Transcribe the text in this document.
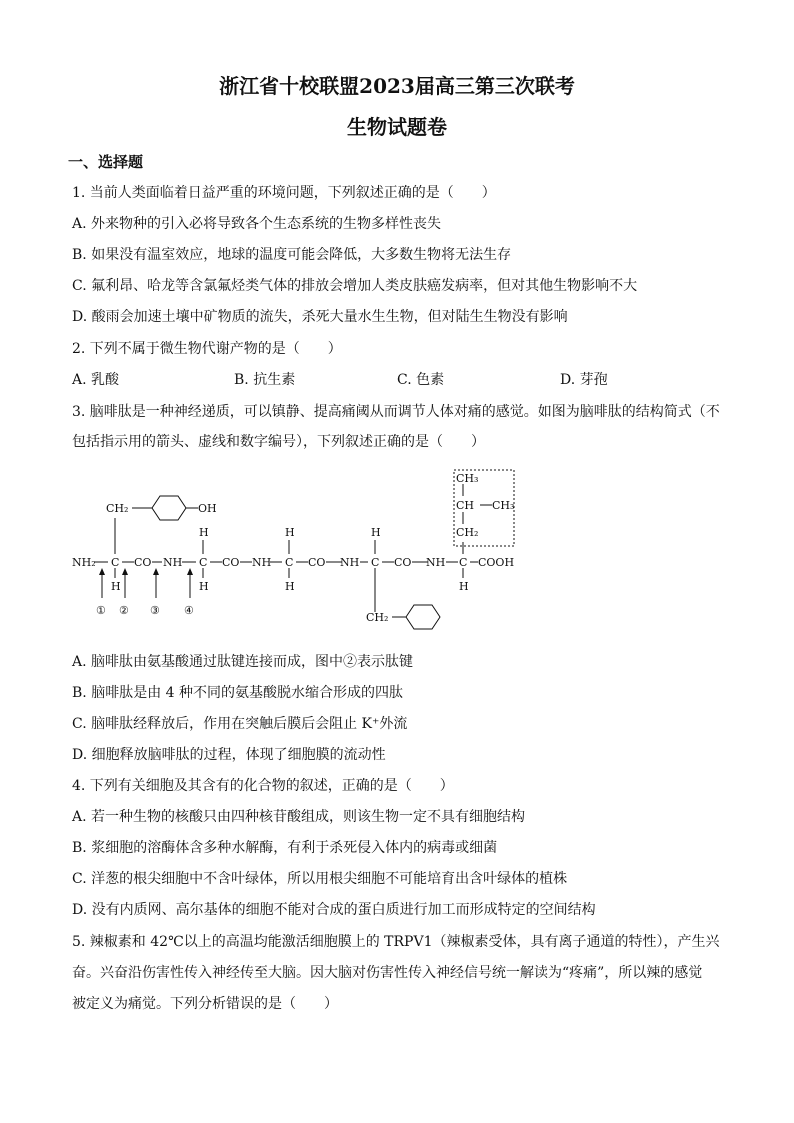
浙江省十校联盟2023届高三第三次联考
生物试题卷
一、选择题
1. 当前人类面临着日益严重的环境问题，下列叙述正确的是（　　）
A. 外来物种的引入必将导致各个生态系统的生物多样性丧失
B. 如果没有温室效应，地球的温度可能会降低，大多数生物将无法生存
C. 氟利昂、哈龙等含氯氟烃类气体的排放会增加人类皮肤癌发病率，但对其他生物影响不大
D. 酸雨会加速土壤中矿物质的流失，杀死大量水生生物，但对陆生生物没有影响
2. 下列不属于微生物代谢产物的是（　　）
A. 乳酸	B. 抗生素	C. 色素	D. 芽孢
3. 脑啡肽是一种神经递质，可以镇静、提高痛阈从而调节人体对痛的感觉。如图为脑啡肽的结构简式（不
包括指示用的箭头、虚线和数字编号），下列叙述正确的是（　　）
NH₂ C CO NH C CO NH C CO NH C CO NH C COOH
H
H
H
H
H
H
H
CH₂	OH
CH₂
CH₂
CH CH₃
CH₃
① ② ③ ④
A. 脑啡肽由氨基酸通过肽键连接而成，图中②表示肽键
B. 脑啡肽是由 4 种不同的氨基酸脱水缩合形成的四肽
C. 脑啡肽经释放后，作用在突触后膜后会阻止 K⁺外流
D. 细胞释放脑啡肽的过程，体现了细胞膜的流动性
4. 下列有关细胞及其含有的化合物的叙述，正确的是（　　）
A. 若一种生物的核酸只由四种核苷酸组成，则该生物一定不具有细胞结构
B. 浆细胞的溶酶体含多种水解酶，有利于杀死侵入体内的病毒或细菌
C. 洋葱的根尖细胞中不含叶绿体，所以用根尖细胞不可能培育出含叶绿体的植株
D. 没有内质网、高尔基体的细胞不能对合成的蛋白质进行加工而形成特定的空间结构
5. 辣椒素和 42℃以上的高温均能激活细胞膜上的 TRPV1（辣椒素受体，具有离子通道的特性），产生兴
奋。兴奋沿伤害性传入神经传至大脑。因大脑对伤害性传入神经信号统一解读为“疼痛”，所以辣的感觉
被定义为痛觉。下列分析错误的是（　　）
